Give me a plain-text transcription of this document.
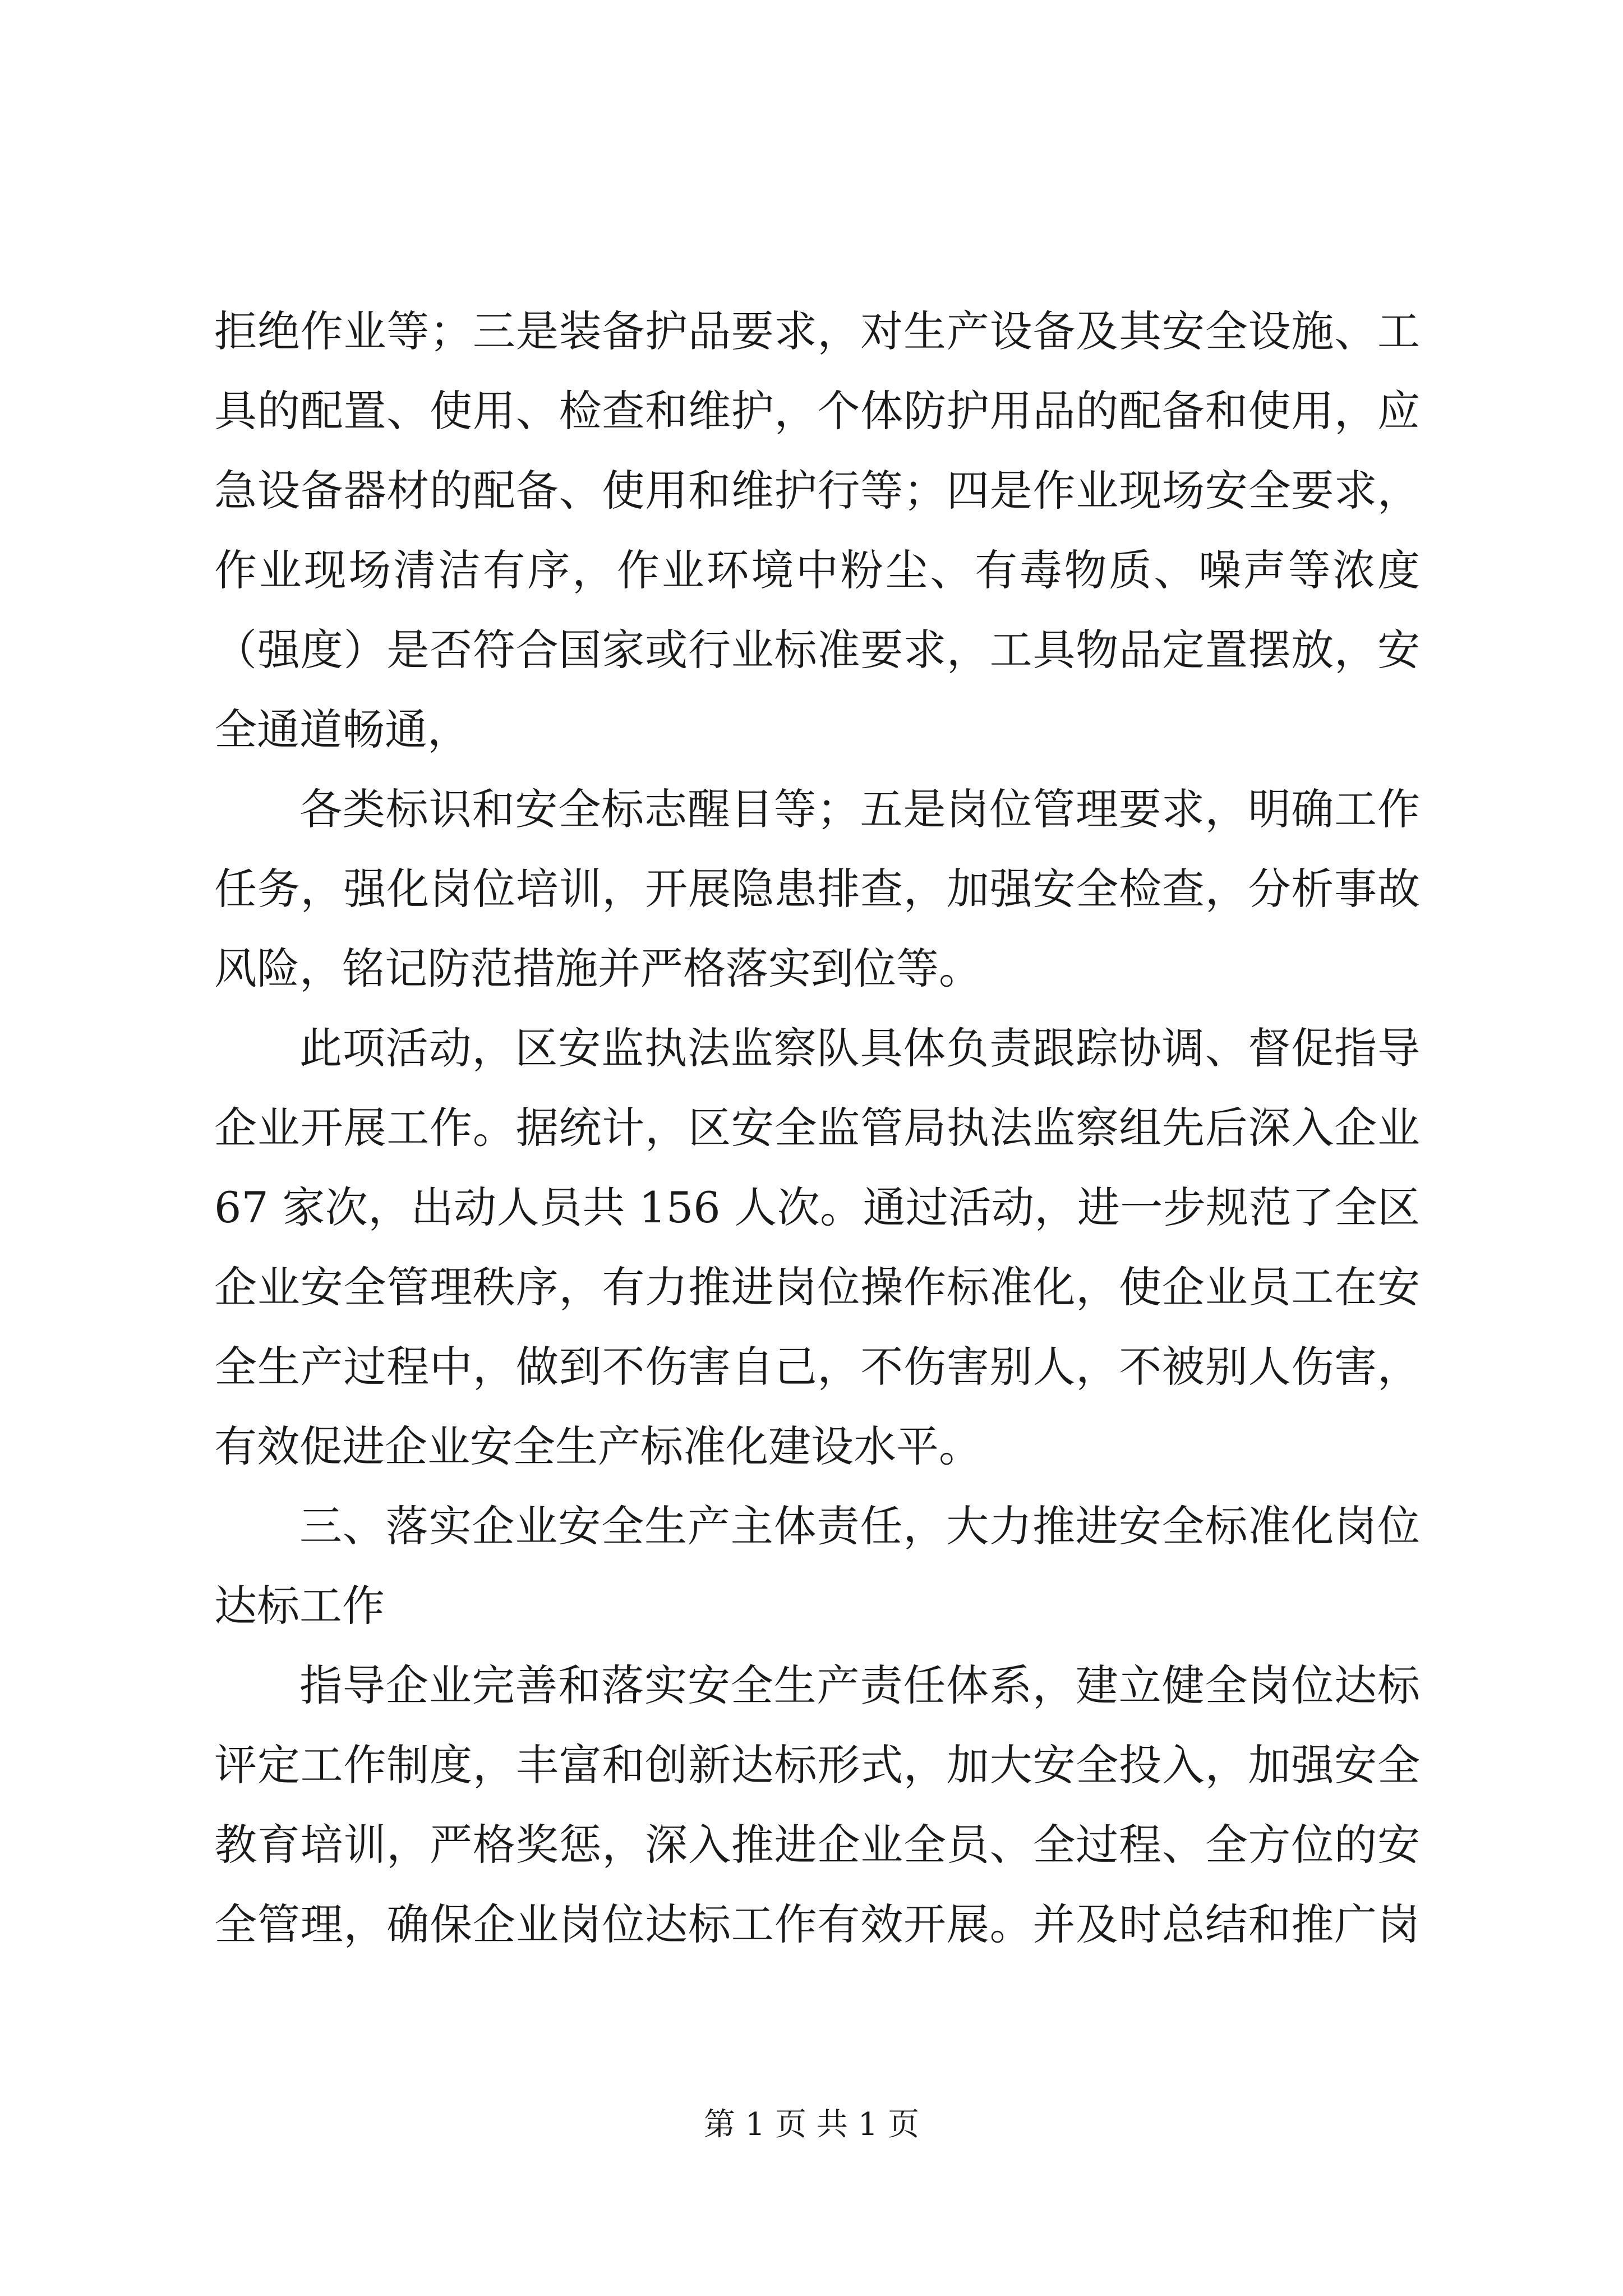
拒绝作业等；三是装备护品要求，对生产设备及其安全设施、工
具的配置、使用、检查和维护，个体防护用品的配备和使用，应
急设备器材的配备、使用和维护行等；四是作业现场安全要求，
作业现场清洁有序，作业环境中粉尘、有毒物质、噪声等浓度
（强度）是否符合国家或行业标准要求，工具物品定置摆放，安
全通道畅通，
各类标识和安全标志醒目等；五是岗位管理要求，明确工作
任务，强化岗位培训，开展隐患排查，加强安全检查，分析事故
风险，铭记防范措施并严格落实到位等。
此项活动，区安监执法监察队具体负责跟踪协调、督促指导
企业开展工作。据统计，区安全监管局执法监察组先后深入企业
67 家次，出动人员共 156 人次。通过活动，进一步规范了全区
企业安全管理秩序，有力推进岗位操作标准化，使企业员工在安
全生产过程中，做到不伤害自己，不伤害别人，不被别人伤害，
有效促进企业安全生产标准化建设水平。
三、落实企业安全生产主体责任，大力推进安全标准化岗位
达标工作
指导企业完善和落实安全生产责任体系，建立健全岗位达标
评定工作制度，丰富和创新达标形式，加大安全投入，加强安全
教育培训，严格奖惩，深入推进企业全员、全过程、全方位的安
全管理，确保企业岗位达标工作有效开展。并及时总结和推广岗
第 1 页 共 1 页
